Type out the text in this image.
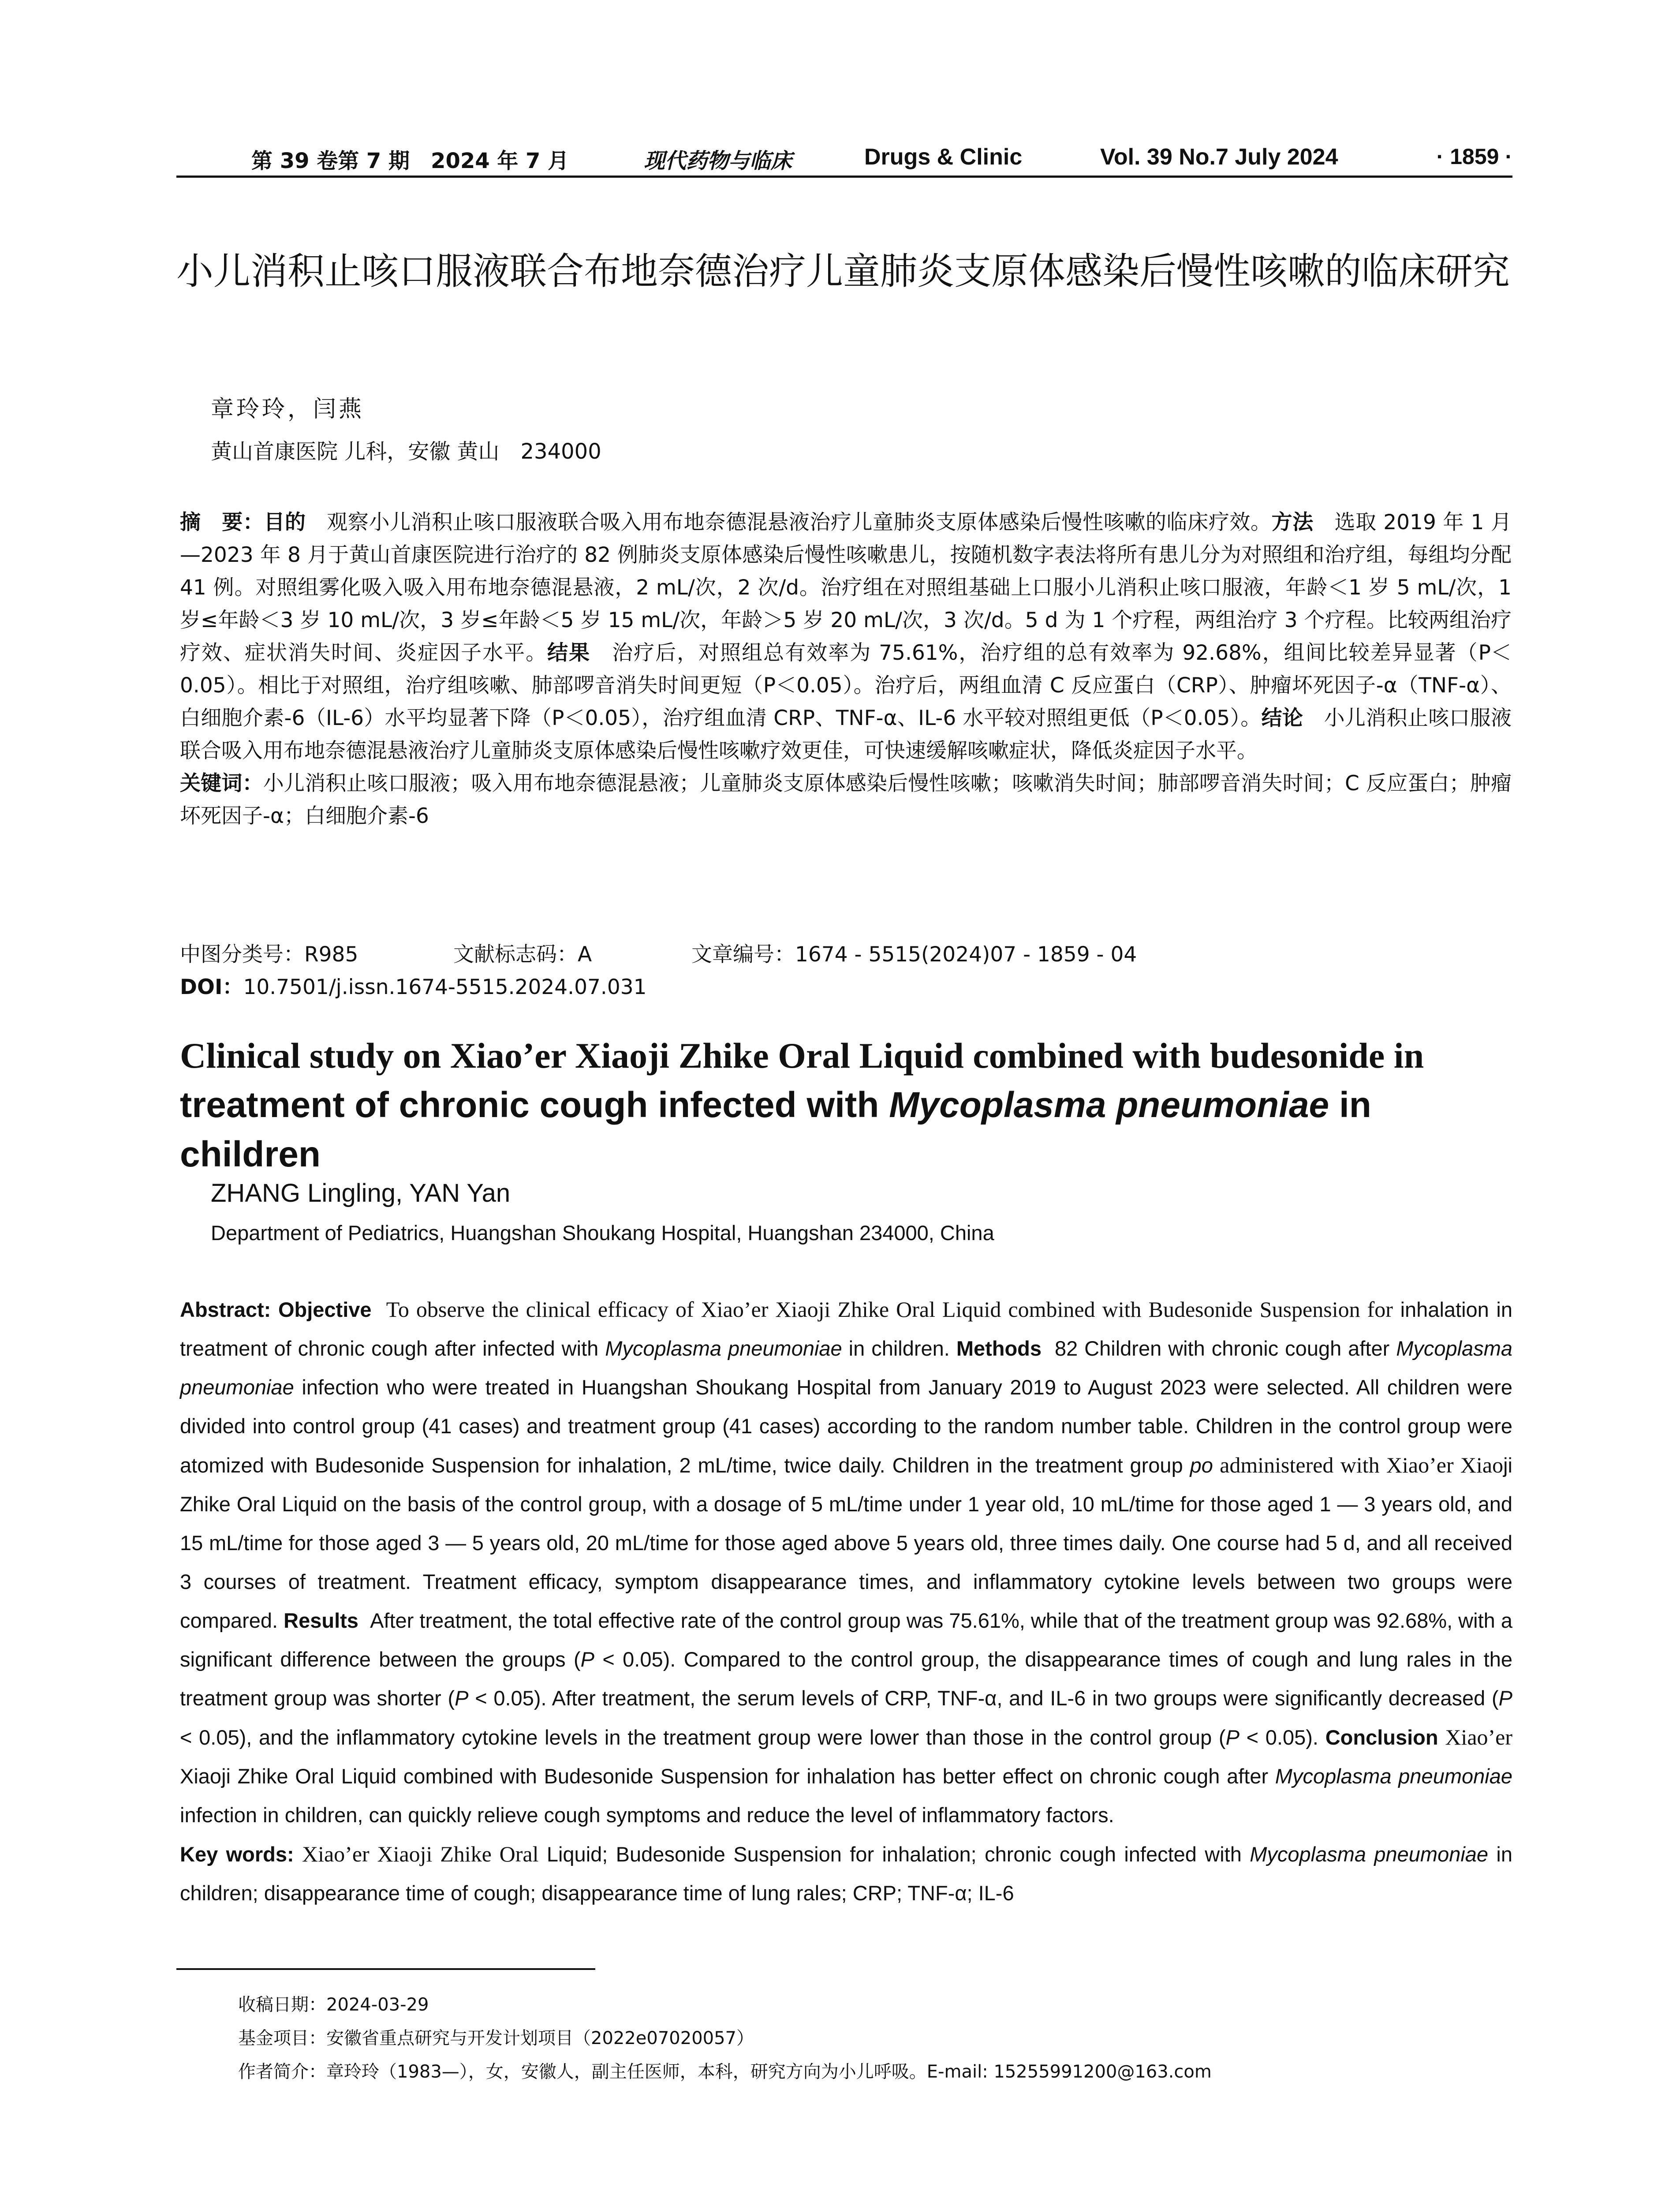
第 39 卷第 7 期　2024 年 7 月	现代药物与临床	Drugs & Clinic	Vol. 39 No.7 July 2024	· 1859 ·
小儿消积止咳口服液联合布地奈德治疗儿童肺炎支原体感染后慢性咳嗽的临床研究
章玲玲，闫燕
黄山首康医院 儿科，安徽 黄山　234000

摘　要：目的　观察小儿消积止咳口服液联合吸入用布地奈德混悬液治疗儿童肺炎支原体感染后慢性咳嗽的临床疗效。方法　选取 2019 年 1 月—2023 年 8 月于黄山首康医院进行治疗的 82 例肺炎支原体感染后慢性咳嗽患儿，按随机数字表法将所有患儿分为对照组和治疗组，每组均分配 41 例。对照组雾化吸入吸入用布地奈德混悬液，2 mL/次，2 次/d。治疗组在对照组基础上口服小儿消积止咳口服液，年龄＜1 岁 5 mL/次，1 岁≤年龄＜3 岁 10 mL/次，3 岁≤年龄＜5 岁 15 mL/次，年龄＞5 岁 20 mL/次，3 次/d。5 d 为 1 个疗程，两组治疗 3 个疗程。比较两组治疗疗效、症状消失时间、炎症因子水平。结果　治疗后，对照组总有效率为 75.61%，治疗组的总有效率为 92.68%，组间比较差异显著（P＜0.05）。相比于对照组，治疗组咳嗽、肺部啰音消失时间更短（P＜0.05）。治疗后，两组血清 C 反应蛋白（CRP）、肿瘤坏死因子-α（TNF-α）、白细胞介素-6（IL-6）水平均显著下降（P＜0.05），治疗组血清 CRP、TNF-α、IL-6 水平较对照组更低（P＜0.05）。结论　小儿消积止咳口服液联合吸入用布地奈德混悬液治疗儿童肺炎支原体感染后慢性咳嗽疗效更佳，可快速缓解咳嗽症状，降低炎症因子水平。

关键词：小儿消积止咳口服液；吸入用布地奈德混悬液；儿童肺炎支原体感染后慢性咳嗽；咳嗽消失时间；肺部啰音消失时间；C 反应蛋白；肿瘤坏死因子-α；白细胞介素-6

中图分类号：R985	文献标志码：A	文章编号：1674 - 5515(2024)07 - 1859 - 04
DOI：10.7501/j.issn.1674-5515.2024.07.031
Clinical study on Xiao’er Xiaoji Zhike Oral Liquid combined with budesonide in
treatment of chronic cough infected with Mycoplasma pneumoniae in children
ZHANG Lingling, YAN Yan
Department of Pediatrics, Huangshan Shoukang Hospital, Huangshan 234000, China

Abstract: Objective To observe the clinical efficacy of Xiao’er Xiaoji Zhike Oral Liquid combined with Budesonide Suspension for inhalation in treatment of chronic cough after infected with Mycoplasma pneumoniae in children. Methods 82 Children with chronic cough after Mycoplasma pneumoniae infection who were treated in Huangshan Shoukang Hospital from January 2019 to August 2023 were selected. All children were divided into control group (41 cases) and treatment group (41 cases) according to the random number table. Children in the control group were atomized with Budesonide Suspension for inhalation, 2 mL/time, twice daily. Children in the treatment group po administered with Xiao’er Xiaoji Zhike Oral Liquid on the basis of the control group, with a dosage of 5 mL/time under 1 year old, 10 mL/time for those aged 1 — 3 years old, and 15 mL/time for those aged 3 — 5 years old, 20 mL/time for those aged above 5 years old, three times daily. One course had 5 d, and all received 3 courses of treatment. Treatment efficacy, symptom disappearance times, and inflammatory cytokine levels between two groups were compared. Results After treatment, the total effective rate of the control group was 75.61%, while that of the treatment group was 92.68%, with a significant difference between the groups (P < 0.05). Compared to the control group, the disappearance times of cough and lung rales in the treatment group was shorter (P < 0.05). After treatment, the serum levels of CRP, TNF-α, and IL-6 in two groups were significantly decreased (P < 0.05), and the inflammatory cytokine levels in the treatment group were lower than those in the control group (P < 0.05). Conclusion Xiao’er Xiaoji Zhike Oral Liquid combined with Budesonide Suspension for inhalation has better effect on chronic cough after Mycoplasma pneumoniae infection in children, can quickly relieve cough symptoms and reduce the level of inflammatory factors.

Key words: Xiao’er Xiaoji Zhike Oral Liquid; Budesonide Suspension for inhalation; chronic cough infected with Mycoplasma pneumoniae in children; disappearance time of cough; disappearance time of lung rales; CRP; TNF-α; IL-6

收稿日期：2024-03-29
基金项目：安徽省重点研究与开发计划项目（2022e07020057）
作者简介：章玲玲（1983—），女，安徽人，副主任医师，本科，研究方向为小儿呼吸。E-mail: 15255991200@163.com
